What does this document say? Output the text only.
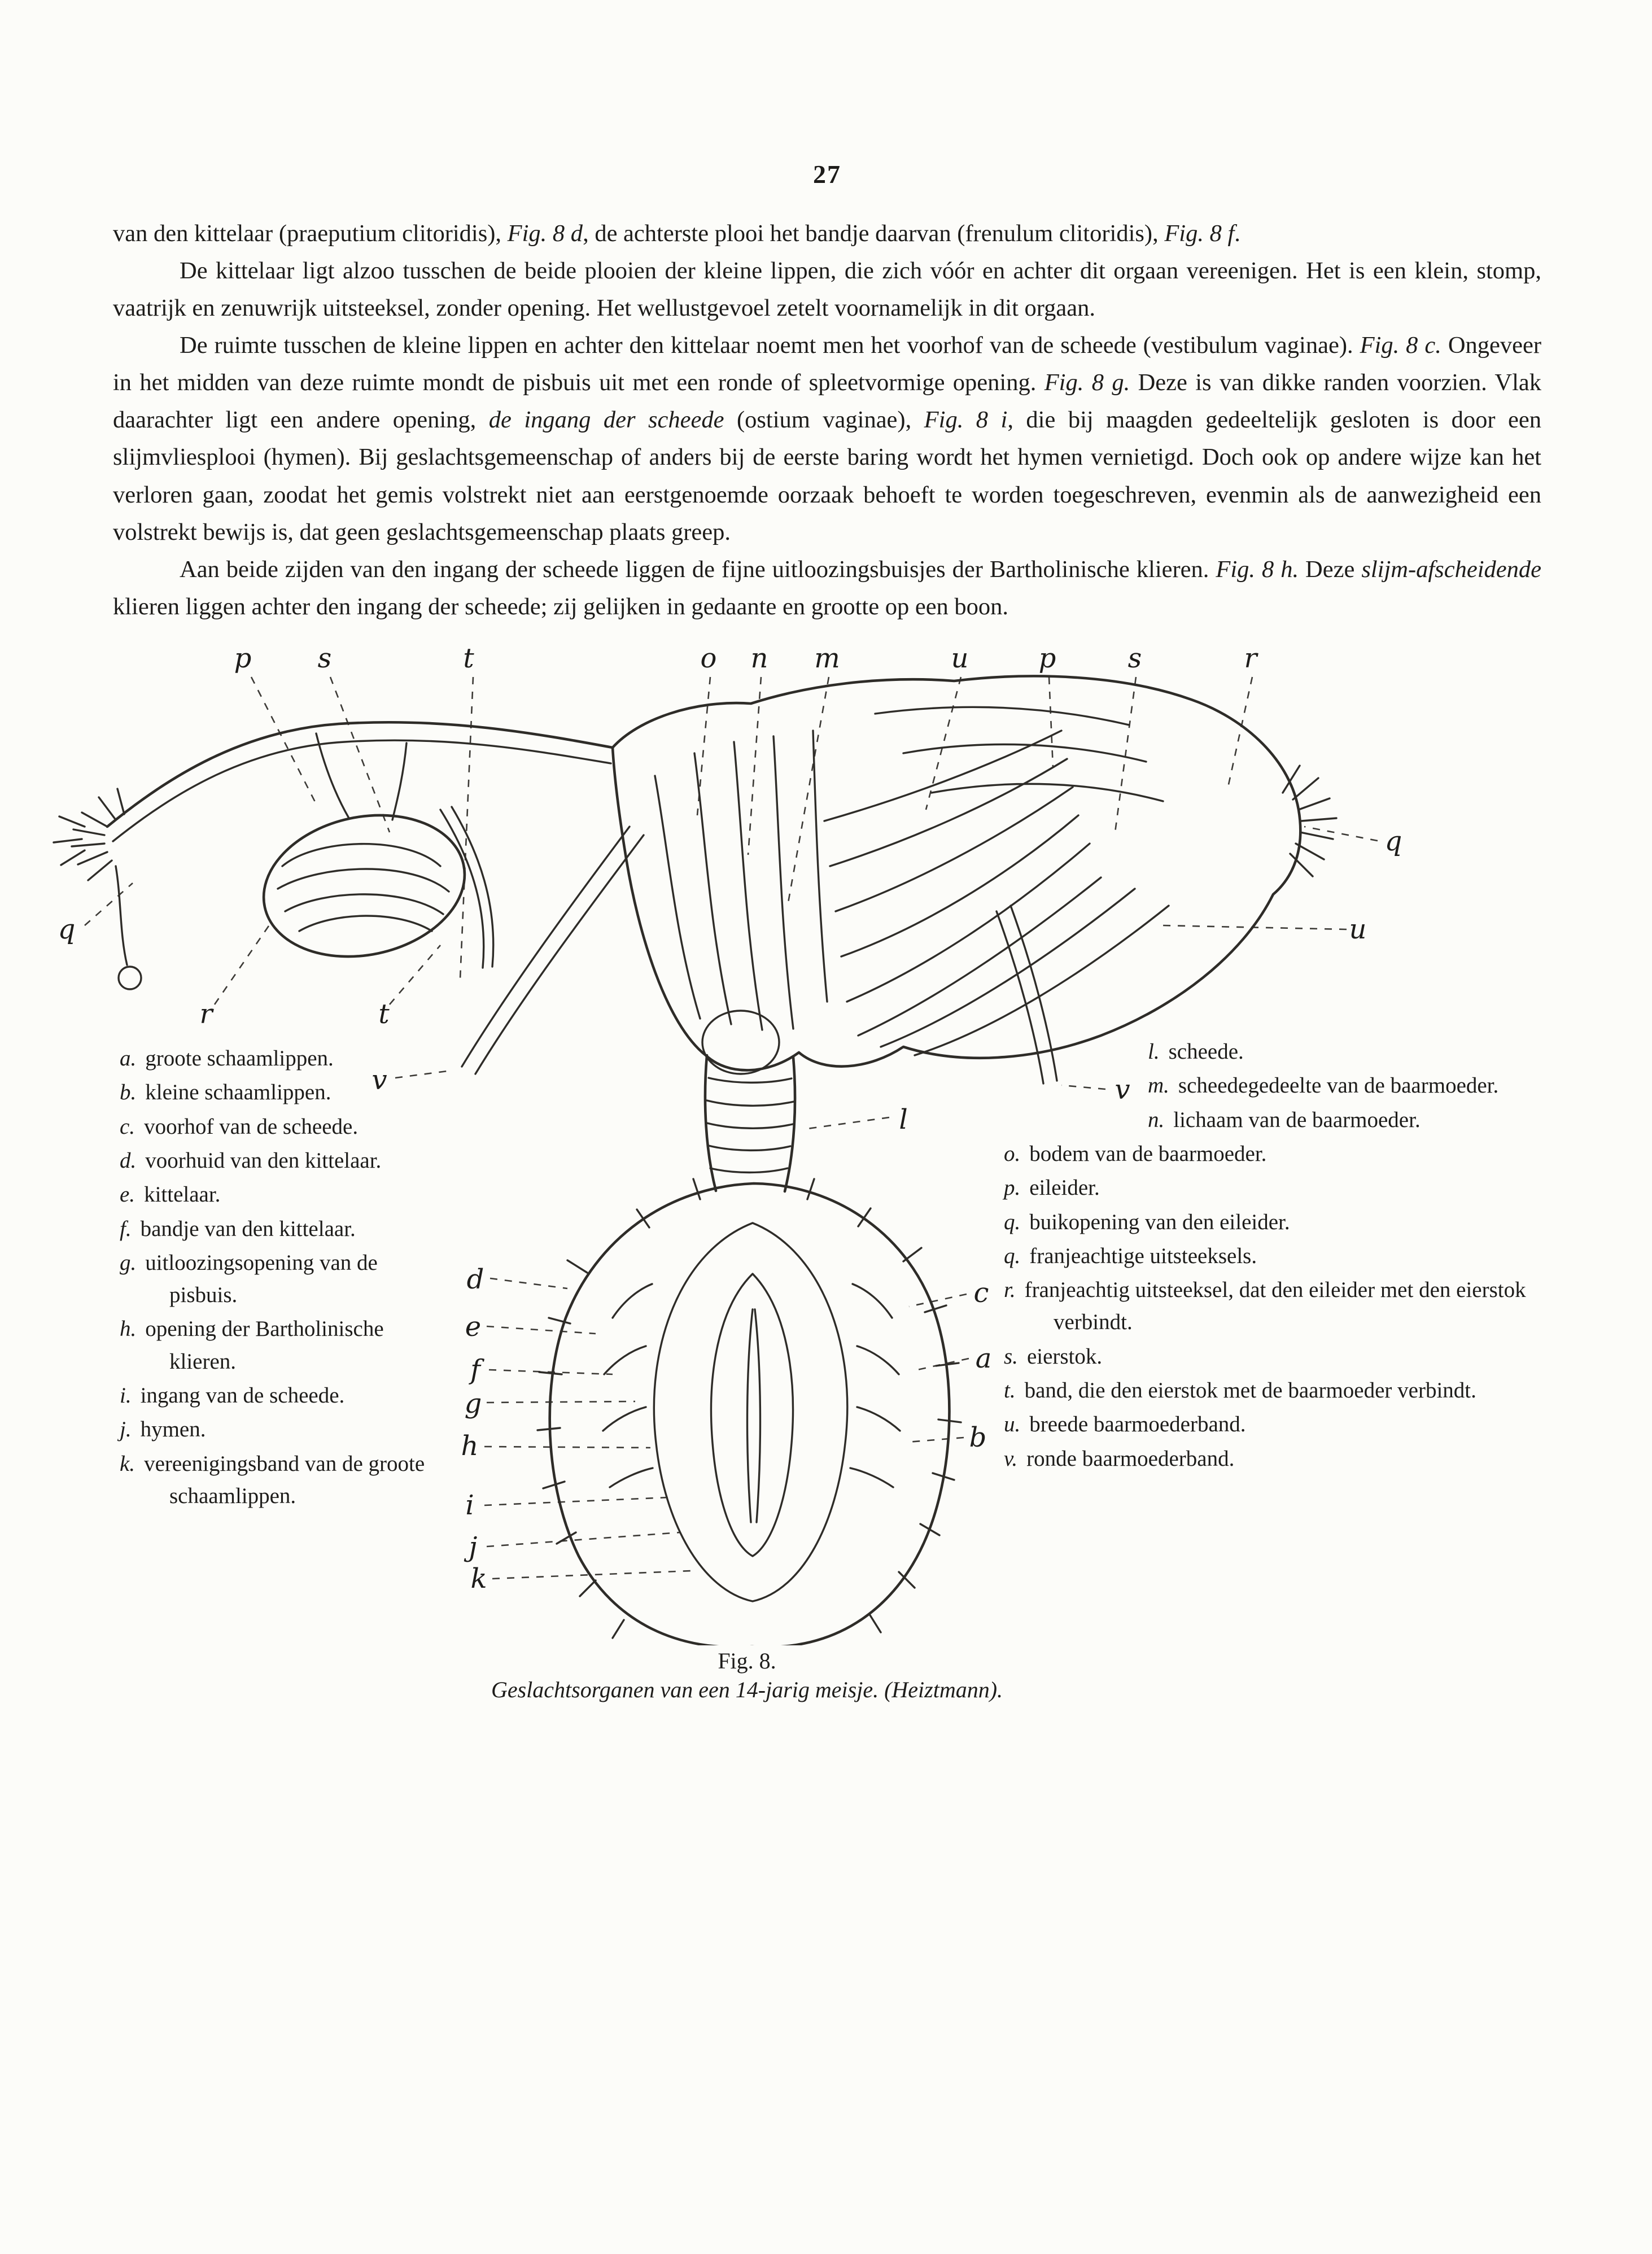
27

van den kittelaar (praeputium clitoridis), Fig. 8 d, de achterste plooi het bandje daarvan (frenulum clitoridis), Fig. 8 f.

De kittelaar ligt alzoo tusschen de beide plooien der kleine lippen, die zich vóór en achter dit orgaan vereenigen. Het is een klein, stomp, vaatrijk en zenuwrijk uitsteeksel, zonder opening. Het wellustgevoel zetelt voornamelijk in dit orgaan.

De ruimte tusschen de kleine lippen en achter den kittelaar noemt men het voorhof van de scheede (vestibulum vaginae). Fig. 8 c. Ongeveer in het midden van deze ruimte mondt de pisbuis uit met een ronde of spleetvormige opening. Fig. 8 g. Deze is van dikke randen voorzien. Vlak daarachter ligt een andere opening, de ingang der scheede (ostium vaginae), Fig. 8 i, die bij maagden gedeeltelijk gesloten is door een slijmvliesplooi (hymen). Bij geslachtsgemeenschap of anders bij de eerste baring wordt het hymen vernietigd. Doch ook op andere wijze kan het verloren gaan, zoodat het gemis volstrekt niet aan eerstgenoemde oorzaak behoeft te worden toegeschreven, evenmin als de aanwezigheid een volstrekt bewijs is, dat geen geslachtsgemeenschap plaats greep.

Aan beide zijden van den ingang der scheede liggen de fijne uitloozingsbuisjes der Bartholinische klieren. Fig. 8 h. Deze slijm-afscheidende klieren liggen achter den ingang der scheede; zij gelijken in gedaante en grootte op een boon.

p s	t	o n m	u	p	s	r
q
u
q
r	t
v
l
v
d	c
e
a
f
g
b
h
i
j
k
a. groote schaamlippen.
b. kleine schaamlippen.
c. voorhof van de scheede.
d. voorhuid van den kittelaar.
e. kittelaar.
f. bandje van den kittelaar.
g. uitloozingsopening van de pisbuis.
h. opening der Bartholinische klieren.
i. ingang van de scheede.
j. hymen.
k. vereenigingsband van de groote schaamlippen.
l. scheede.
m. scheedegedeelte van de baarmoeder.
n. lichaam van de baarmoeder.
o. bodem van de baarmoeder.
p. eileider.
q. buikopening van den eileider.
q. franjeachtige uitsteeksels.
r. franjeachtig uitsteeksel, dat den eileider met den eierstok verbindt.
s. eierstok.
t. band, die den eierstok met de baarmoeder verbindt.
u. breede baarmoederband.
v. ronde baarmoederband.
Fig. 8.
Geslachtsorganen van een 14-jarig meisje. (Heiztmann).
